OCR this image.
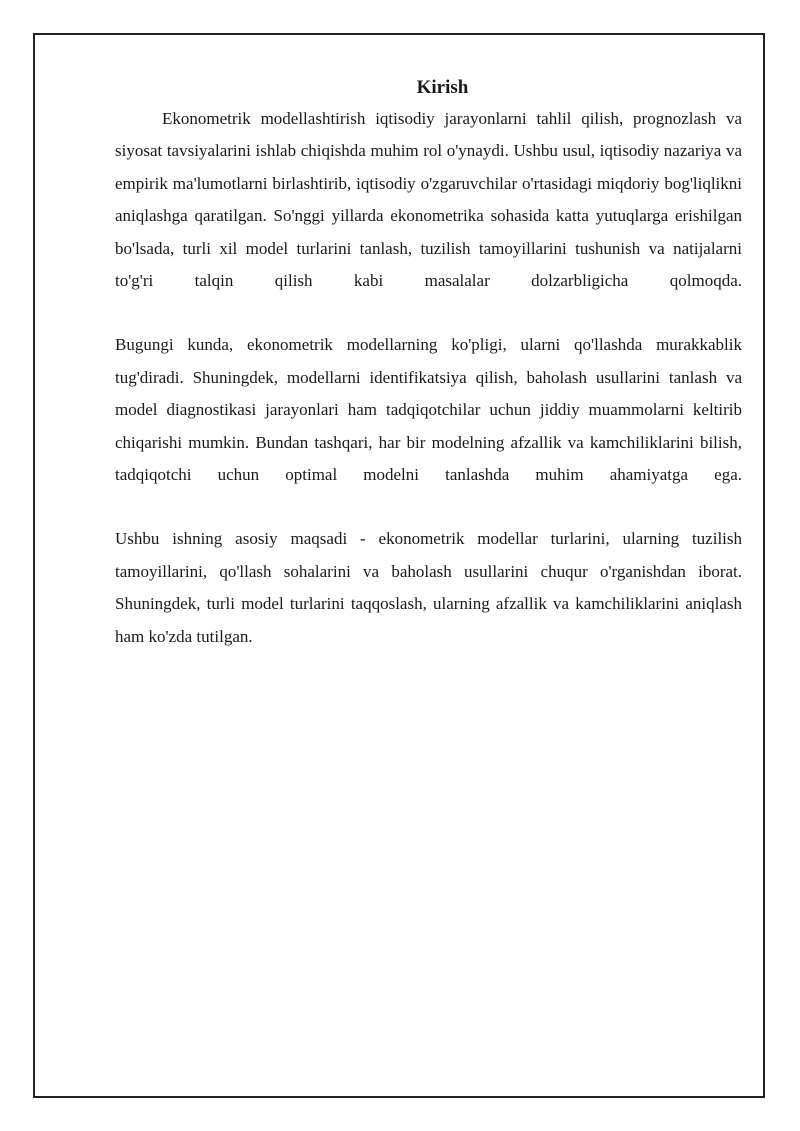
Kirish

Ekonometrik modellashtirish iqtisodiy jarayonlarni tahlil qilish, prognozlash va siyosat tavsiyalarini ishlab chiqishda muhim rol o'ynaydi. Ushbu usul, iqtisodiy nazariya va empirik ma'lumotlarni birlashtirib, iqtisodiy o'zgaruvchilar o'rtasidagi miqdoriy bog'liqlikni aniqlashga qaratilgan. So'nggi yillarda ekonometrika sohasida katta yutuqlarga erishilgan bo'lsada, turli xil model turlarini tanlash, tuzilish tamoyillarini tushunish va natijalarni to'g'ri talqin qilish kabi masalalar dolzarbligicha qolmoqda.

Bugungi kunda, ekonometrik modellarning ko'pligi, ularni qo'llashda murakkablik tug'diradi. Shuningdek, modellarni identifikatsiya qilish, baholash usullarini tanlash va model diagnostikasi jarayonlari ham tadqiqotchilar uchun jiddiy muammolarni keltirib chiqarishi mumkin. Bundan tashqari, har bir modelning afzallik va kamchiliklarini bilish, tadqiqotchi uchun optimal modelni tanlashda muhim ahamiyatga ega.

Ushbu ishning asosiy maqsadi - ekonometrik modellar turlarini, ularning tuzilish tamoyillarini, qo'llash sohalarini va baholash usullarini chuqur o'rganishdan iborat. Shuningdek, turli model turlarini taqqoslash, ularning afzallik va kamchiliklarini aniqlash ham ko'zda tutilgan.
